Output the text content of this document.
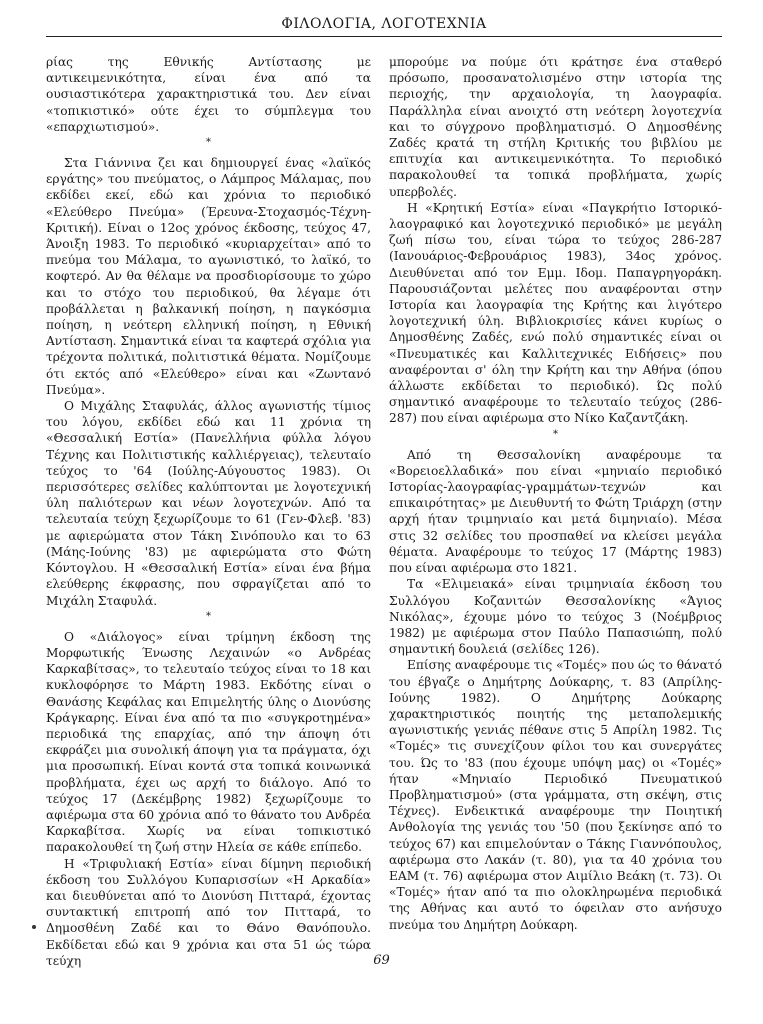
ΦΙΛΟΛΟΓΙΑ, ΛΟΓΟΤΕΧΝΙΑ

ρίας της Εθνικής Αντίστασης με αντικειμενικότητα, είναι ένα από τα ουσιαστικότερα χαρακτηριστικά του. Δεν είναι «τοπικιστικό» ούτε έχει το σύμπλεγμα του «επαρχιωτισμού».

*

Στα Γιάννινα ζει και δημιουργεί ένας «λαϊκός εργάτης» του πνεύματος, ο Λάμπρος Μάλαμας, που εκδίδει εκεί, εδώ και χρόνια το περιοδικό «Ελεύθερο Πνεύμα» (Έρευνα-Στοχασμός-Τέχνη-Κριτική). Είναι ο 12ος χρόνος έκδοσης, τεύχος 47, Άνοιξη 1983. Το περιοδικό «κυριαρχείται» από το πνεύμα του Μάλαμα, το αγωνιστικό, το λαϊκό, το κοφτερό. Αν θα θέλαμε να προσδιορίσουμε το χώρο και το στόχο του περιοδικού, θα λέγαμε ότι προβάλλεται η βαλκανική ποίηση, η παγκόσμια ποίηση, η νεότερη ελληνική ποίηση, η Εθνική Αντίσταση. Σημαντικά είναι τα καφτερά σχόλια για τρέχοντα πολιτικά, πολιτιστικά θέματα. Νομίζουμε ότι εκτός από «Ελεύθερο» είναι και «Ζωντανό Πνεύμα».

Ο Μιχάλης Σταφυλάς, άλλος αγωνιστής τίμιος του λόγου, εκδίδει εδώ και 11 χρόνια τη «Θεσσαλική Εστία» (Πανελλήνια φύλλα λόγου Τέχνης και Πολιτιστικής καλλιέργειας), τελευταίο τεύχος το '64 (Ιούλης-Αύγουστος 1983). Οι περισσότερες σελίδες καλύπτονται με λογοτεχνική ύλη παλιότερων και νέων λογοτεχνών. Από τα τελευταία τεύχη ξεχωρίζουμε το 61 (Γεν-Φλεβ. '83) με αφιερώματα στον Τάκη Σινόπουλο και το 63 (Μάης-Ιούνης '83) με αφιερώματα στο Φώτη Κόντογλου. Η «Θεσσαλική Εστία» είναι ένα βήμα ελεύθερης έκφρασης, που σφραγίζεται από το Μιχάλη Σταφυλά.

*

Ο «Διάλογος» είναι τρίμηνη έκδοση της Μορφωτικής Ένωσης Λεχαινών «ο Ανδρέας Καρκαβίτσας», το τελευταίο τεύχος είναι το 18 και κυκλοφόρησε το Μάρτη 1983. Εκδότης είναι ο Θανάσης Κεφάλας και Επιμελητής ύλης ο Διονύσης Κράγκαρης. Είναι ένα από τα πιο «συγκροτημένα» περιοδικά της επαρχίας, από την άποψη ότι εκφράζει μια συνολική άποψη για τα πράγματα, όχι μια προσωπική. Είναι κοντά στα τοπικά κοινωνικά προβλήματα, έχει ως αρχή το διάλογο. Από το τεύχος 17 (Δεκέμβρης 1982) ξεχωρίζουμε το αφιέρωμα στα 60 χρόνια από το θάνατο του Ανδρέα Καρκαβίτσα. Χωρίς να είναι τοπικιστικό παρακολουθεί τη ζωή στην Ηλεία σε κάθε επίπεδο.

Η «Τριφυλιακή Εστία» είναι δίμηνη περιοδική έκδοση του Συλλόγου Κυπαρισσίων «Η Αρκαδία» και διευθύνεται από το Διονύση Πιτταρά, έχοντας συντακτική επιτροπή από τον Πιτταρά, το Δημοσθένη Ζαδέ και το Θάνο Θανόπουλο. Εκδίδεται εδώ και 9 χρόνια και στα 51 ώς τώρα τεύχη

μπορούμε να πούμε ότι κράτησε ένα σταθερό πρόσωπο, προσανατολισμένο στην ιστορία της περιοχής, την αρχαιολογία, τη λαογραφία. Παράλληλα είναι ανοιχτό στη νεότερη λογοτεχνία και το σύγχρονο προβληματισμό. Ο Δημοσθένης Ζαδές κρατά τη στήλη Κριτικής του βιβλίου με επιτυχία και αντικειμενικότητα. Το περιοδικό παρακολουθεί τα τοπικά προβλήματα, χωρίς υπερβολές.

Η «Κρητική Εστία» είναι «Παγκρήτιο Ιστορικό-λαογραφικό και λογοτεχνικό περιοδικό» με μεγάλη ζωή πίσω του, είναι τώρα το τεύχος 286-287 (Ιανουάριος-Φεβρουάριος 1983), 34ος χρόνος. Διευθύνεται από τον Εμμ. Ιδομ. Παπαγρηγοράκη. Παρουσιάζονται μελέτες που αναφέρονται στην Ιστορία και λαογραφία της Κρήτης και λιγότερο λογοτεχνική ύλη. Βιβλιοκρισίες κάνει κυρίως ο Δημοσθένης Ζαδές, ενώ πολύ σημαντικές είναι οι «Πνευματικές και Καλλιτεχνικές Ειδήσεις» που αναφέρονται σ' όλη την Κρήτη και την Αθήνα (όπου άλλωστε εκδίδεται το περιοδικό). Ώς πολύ σημαντικό αναφέρουμε το τελευταίο τεύχος (286-287) που είναι αφιέρωμα στο Νίκο Καζαντζάκη.

*

Από τη Θεσσαλονίκη αναφέρουμε τα «Βορειοελλαδικά» που είναι «μηνιαίο περιοδικό Ιστορίας-λαογραφίας-γραμμάτων-τεχνών και επικαιρότητας» με Διευθυντή το Φώτη Τριάρχη (στην αρχή ήταν τριμηνιαίο και μετά διμηνιαίο). Μέσα στις 32 σελίδες του προσπαθεί να κλείσει μεγάλα θέματα. Αναφέρουμε το τεύχος 17 (Μάρτης 1983) που είναι αφιέρωμα στο 1821.

Τα «Ελιμειακά» είναι τριμηνιαία έκδοση του Συλλόγου Κοζανιτών Θεσσαλονίκης «Άγιος Νικόλας», έχουμε μόνο το τεύχος 3 (Νοέμβριος 1982) με αφιέρωμα στον Παύλο Παπασιώπη, πολύ σημαντική δουλειά (σελίδες 126).

Επίσης αναφέρουμε τις «Τομές» που ώς το θάνατό του έβγαζε ο Δημήτρης Δούκαρης, τ. 83 (Απρίλης-Ιούνης 1982). Ο Δημήτρης Δούκαρης χαρακτηριστικός ποιητής της μεταπολεμικής αγωνιστικής γενιάς πέθανε στις 5 Απρίλη 1982. Τις «Τομές» τις συνεχίζουν φίλοι του και συνεργάτες του. Ώς το '83 (που έχουμε υπόψη μας) οι «Τομές» ήταν «Μηνιαίο Περιοδικό Πνευματικού Προβληματισμού» (στα γράμματα, στη σκέψη, στις Τέχνες). Ενδεικτικά αναφέρουμε την Ποιητική Ανθολογία της γενιάς του '50 (που ξεκίνησε από το τεύχος 67) και επιμελούνταν ο Τάκης Γιαννόπουλος, αφιέρωμα στο Λακάν (τ. 80), για τα 40 χρόνια του ΕΑΜ (τ. 76) αφιέρωμα στον Αιμίλιο Βεάκη (τ. 73). Οι «Τομές» ήταν από τα πιο ολοκληρωμένα περιοδικά της Αθήνας και αυτό το όφειλαν στο ανήσυχο πνεύμα του Δημήτρη Δούκαρη.

69
